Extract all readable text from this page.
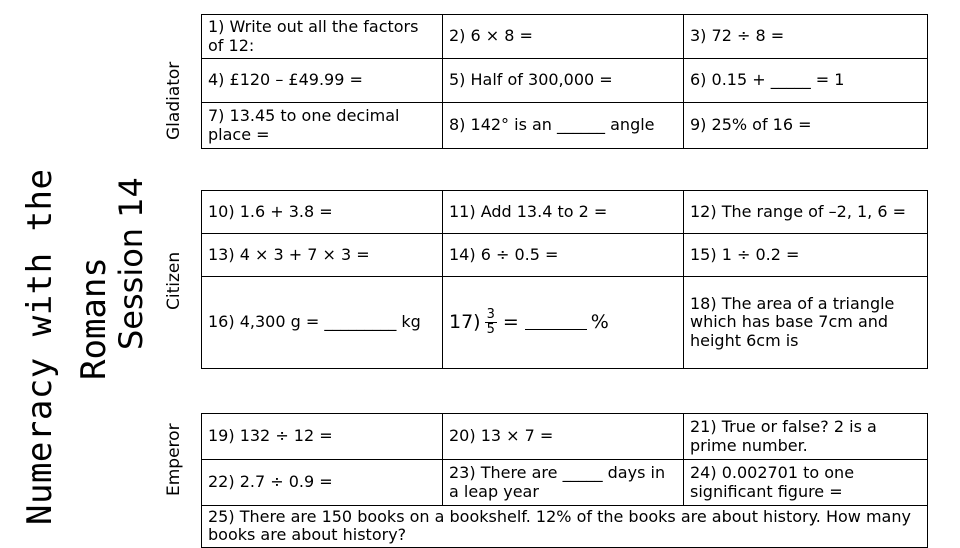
Numeracy with the Romans
Session 14
Gladiator
Citizen
Emperor
1) Write out all the factors of 12:	2) 6 × 8 =	3) 72 ÷ 8 =
4) £120 – £49.99 =	5) Half of 300,000 =	6) 0.15 + _____ = 1
7) 13.45 to one decimal place =	8) 142° is an ______ angle	9) 25% of 16 =
10) 1.6 + 3.8 =	11) Add 13.4 to 2 =	12) The range of –2, 1, 6 =
13) 4 × 3 + 7 × 3 =	14) 6 ÷ 0.5 =	15) 1 ÷ 0.2 =
16) 4,300 g = _________ kg	$17) \frac{3}{5}$ = %	18) The area of a triangle which has base 7cm and height 6cm is
19) 132 ÷ 12 =	20) 13 × 7 =	21) True or false? 2 is a prime number.
22) 2.7 ÷ 0.9 =	23) There are _____ days in a leap year	24) 0.002701 to one significant figure =
25) There are 150 books on a bookshelf. 12% of the books are about history. How many books are about history?		
